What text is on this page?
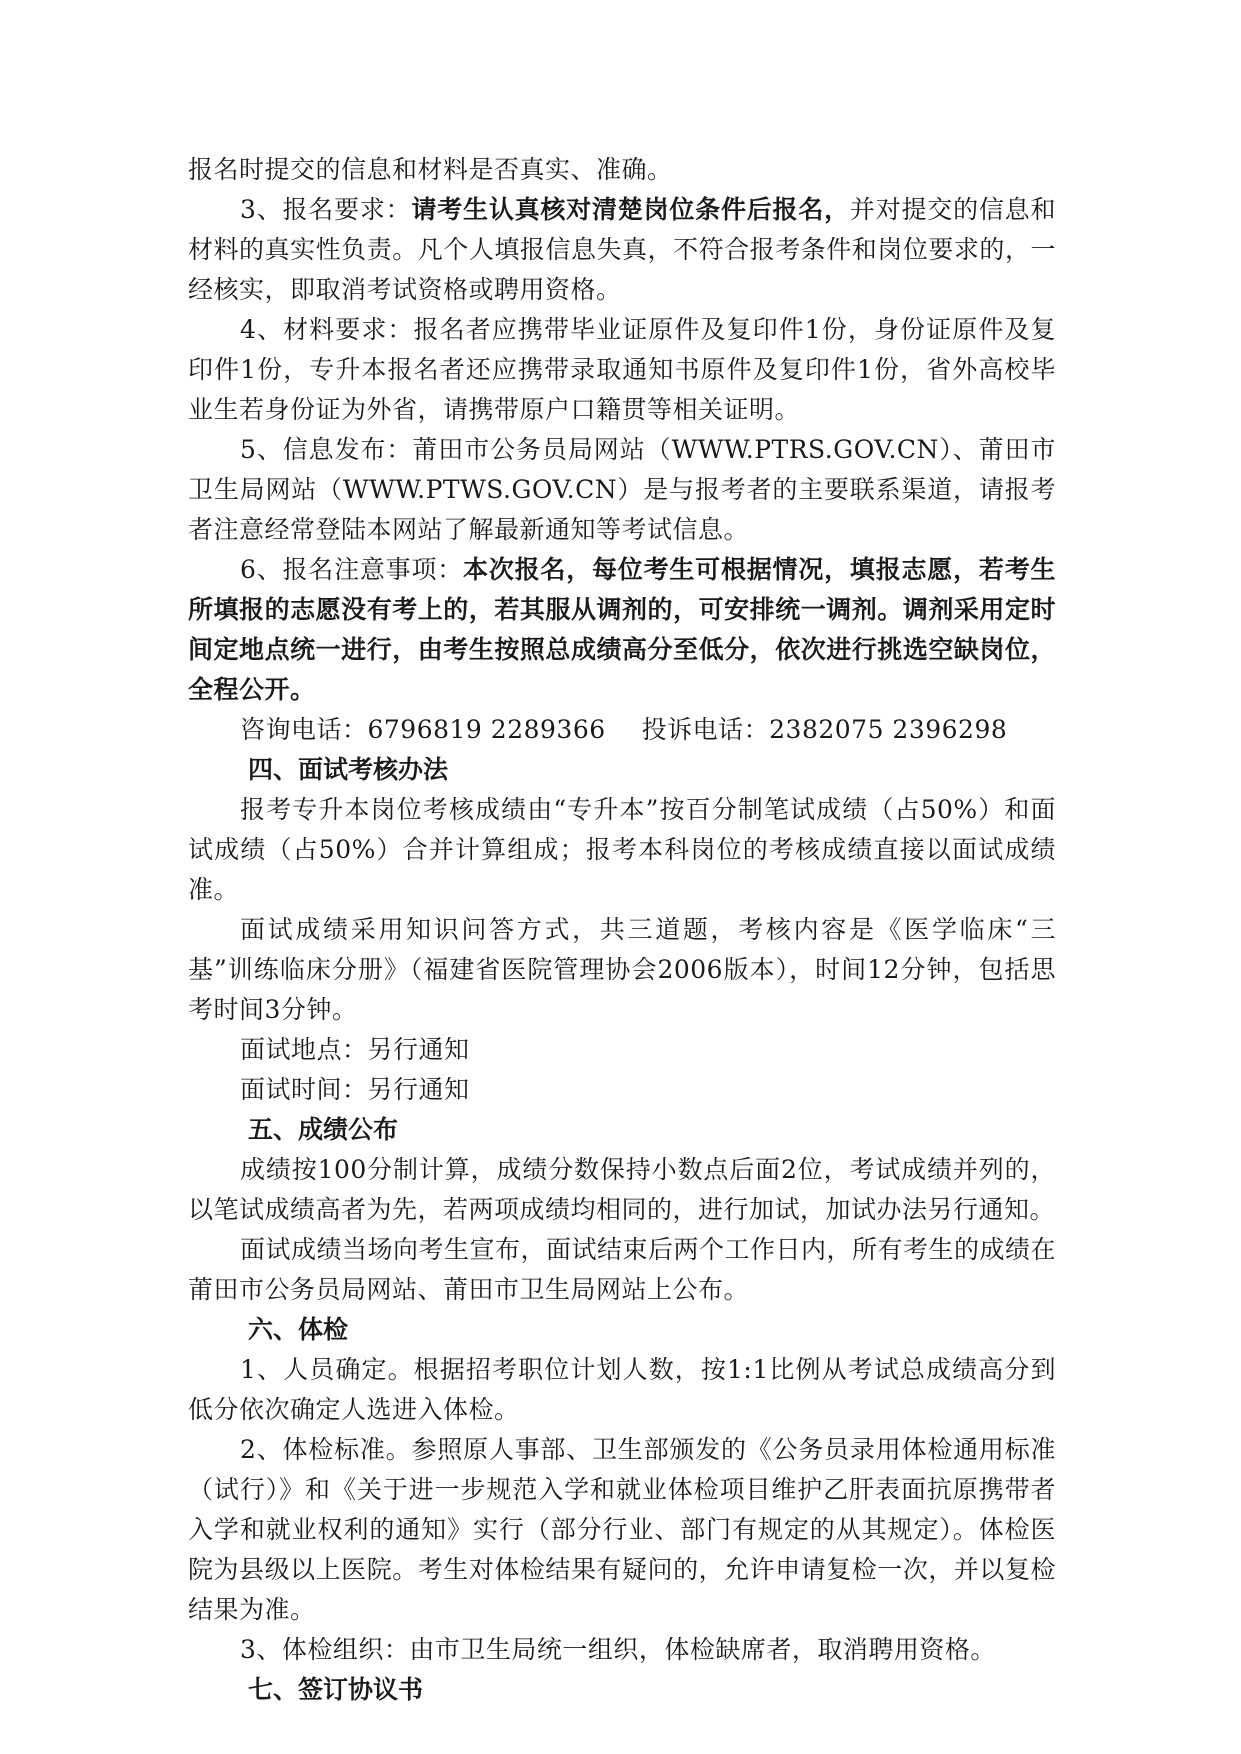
报名时提交的信息和材料是否真实、准确。

3、报名要求：请考生认真核对清楚岗位条件后报名，并对提交的信息和材料的真实性负责。凡个人填报信息失真，不符合报考条件和岗位要求的，一经核实，即取消考试资格或聘用资格。

4、材料要求：报名者应携带毕业证原件及复印件1份，身份证原件及复印件1份，专升本报名者还应携带录取通知书原件及复印件1份，省外高校毕业生若身份证为外省，请携带原户口籍贯等相关证明。

5、信息发布：莆田市公务员局网站（WWW.PTRS.GOV.CN）、莆田市卫生局网站（WWW.PTWS.GOV.CN）是与报考者的主要联系渠道，请报考者注意经常登陆本网站了解最新通知等考试信息。

6、报名注意事项：本次报名，每位考生可根据情况，填报志愿，若考生所填报的志愿没有考上的，若其服从调剂的，可安排统一调剂。调剂采用定时间定地点统一进行，由考生按照总成绩高分至低分，依次进行挑选空缺岗位，全程公开。

咨询电话：6796819 2289366 投诉电话：2382075 2396298

四、面试考核办法

报考专升本岗位考核成绩由“专升本”按百分制笔试成绩（占50%）和面试成绩（占50%）合并计算组成；报考本科岗位的考核成绩直接以面试成绩准。

面试成绩采用知识问答方式，共三道题，考核内容是《医学临床“三基”训练临床分册》（福建省医院管理协会2006版本），时间12分钟，包括思考时间3分钟。

面试地点：另行通知

面试时间：另行通知

五、成绩公布

成绩按100分制计算，成绩分数保持小数点后面2位，考试成绩并列的，以笔试成绩高者为先，若两项成绩均相同的，进行加试，加试办法另行通知。

面试成绩当场向考生宣布，面试结束后两个工作日内，所有考生的成绩在莆田市公务员局网站、莆田市卫生局网站上公布。

六、体检

1、人员确定。根据招考职位计划人数，按1:1比例从考试总成绩高分到低分依次确定人选进入体检。

2、体检标准。参照原人事部、卫生部颁发的《公务员录用体检通用标准（试行）》和《关于进一步规范入学和就业体检项目维护乙肝表面抗原携带者入学和就业权利的通知》实行（部分行业、部门有规定的从其规定）。体检医院为县级以上医院。考生对体检结果有疑问的，允许申请复检一次，并以复检结果为准。

3、体检组织：由市卫生局统一组织，体检缺席者，取消聘用资格。

七、签订协议书
